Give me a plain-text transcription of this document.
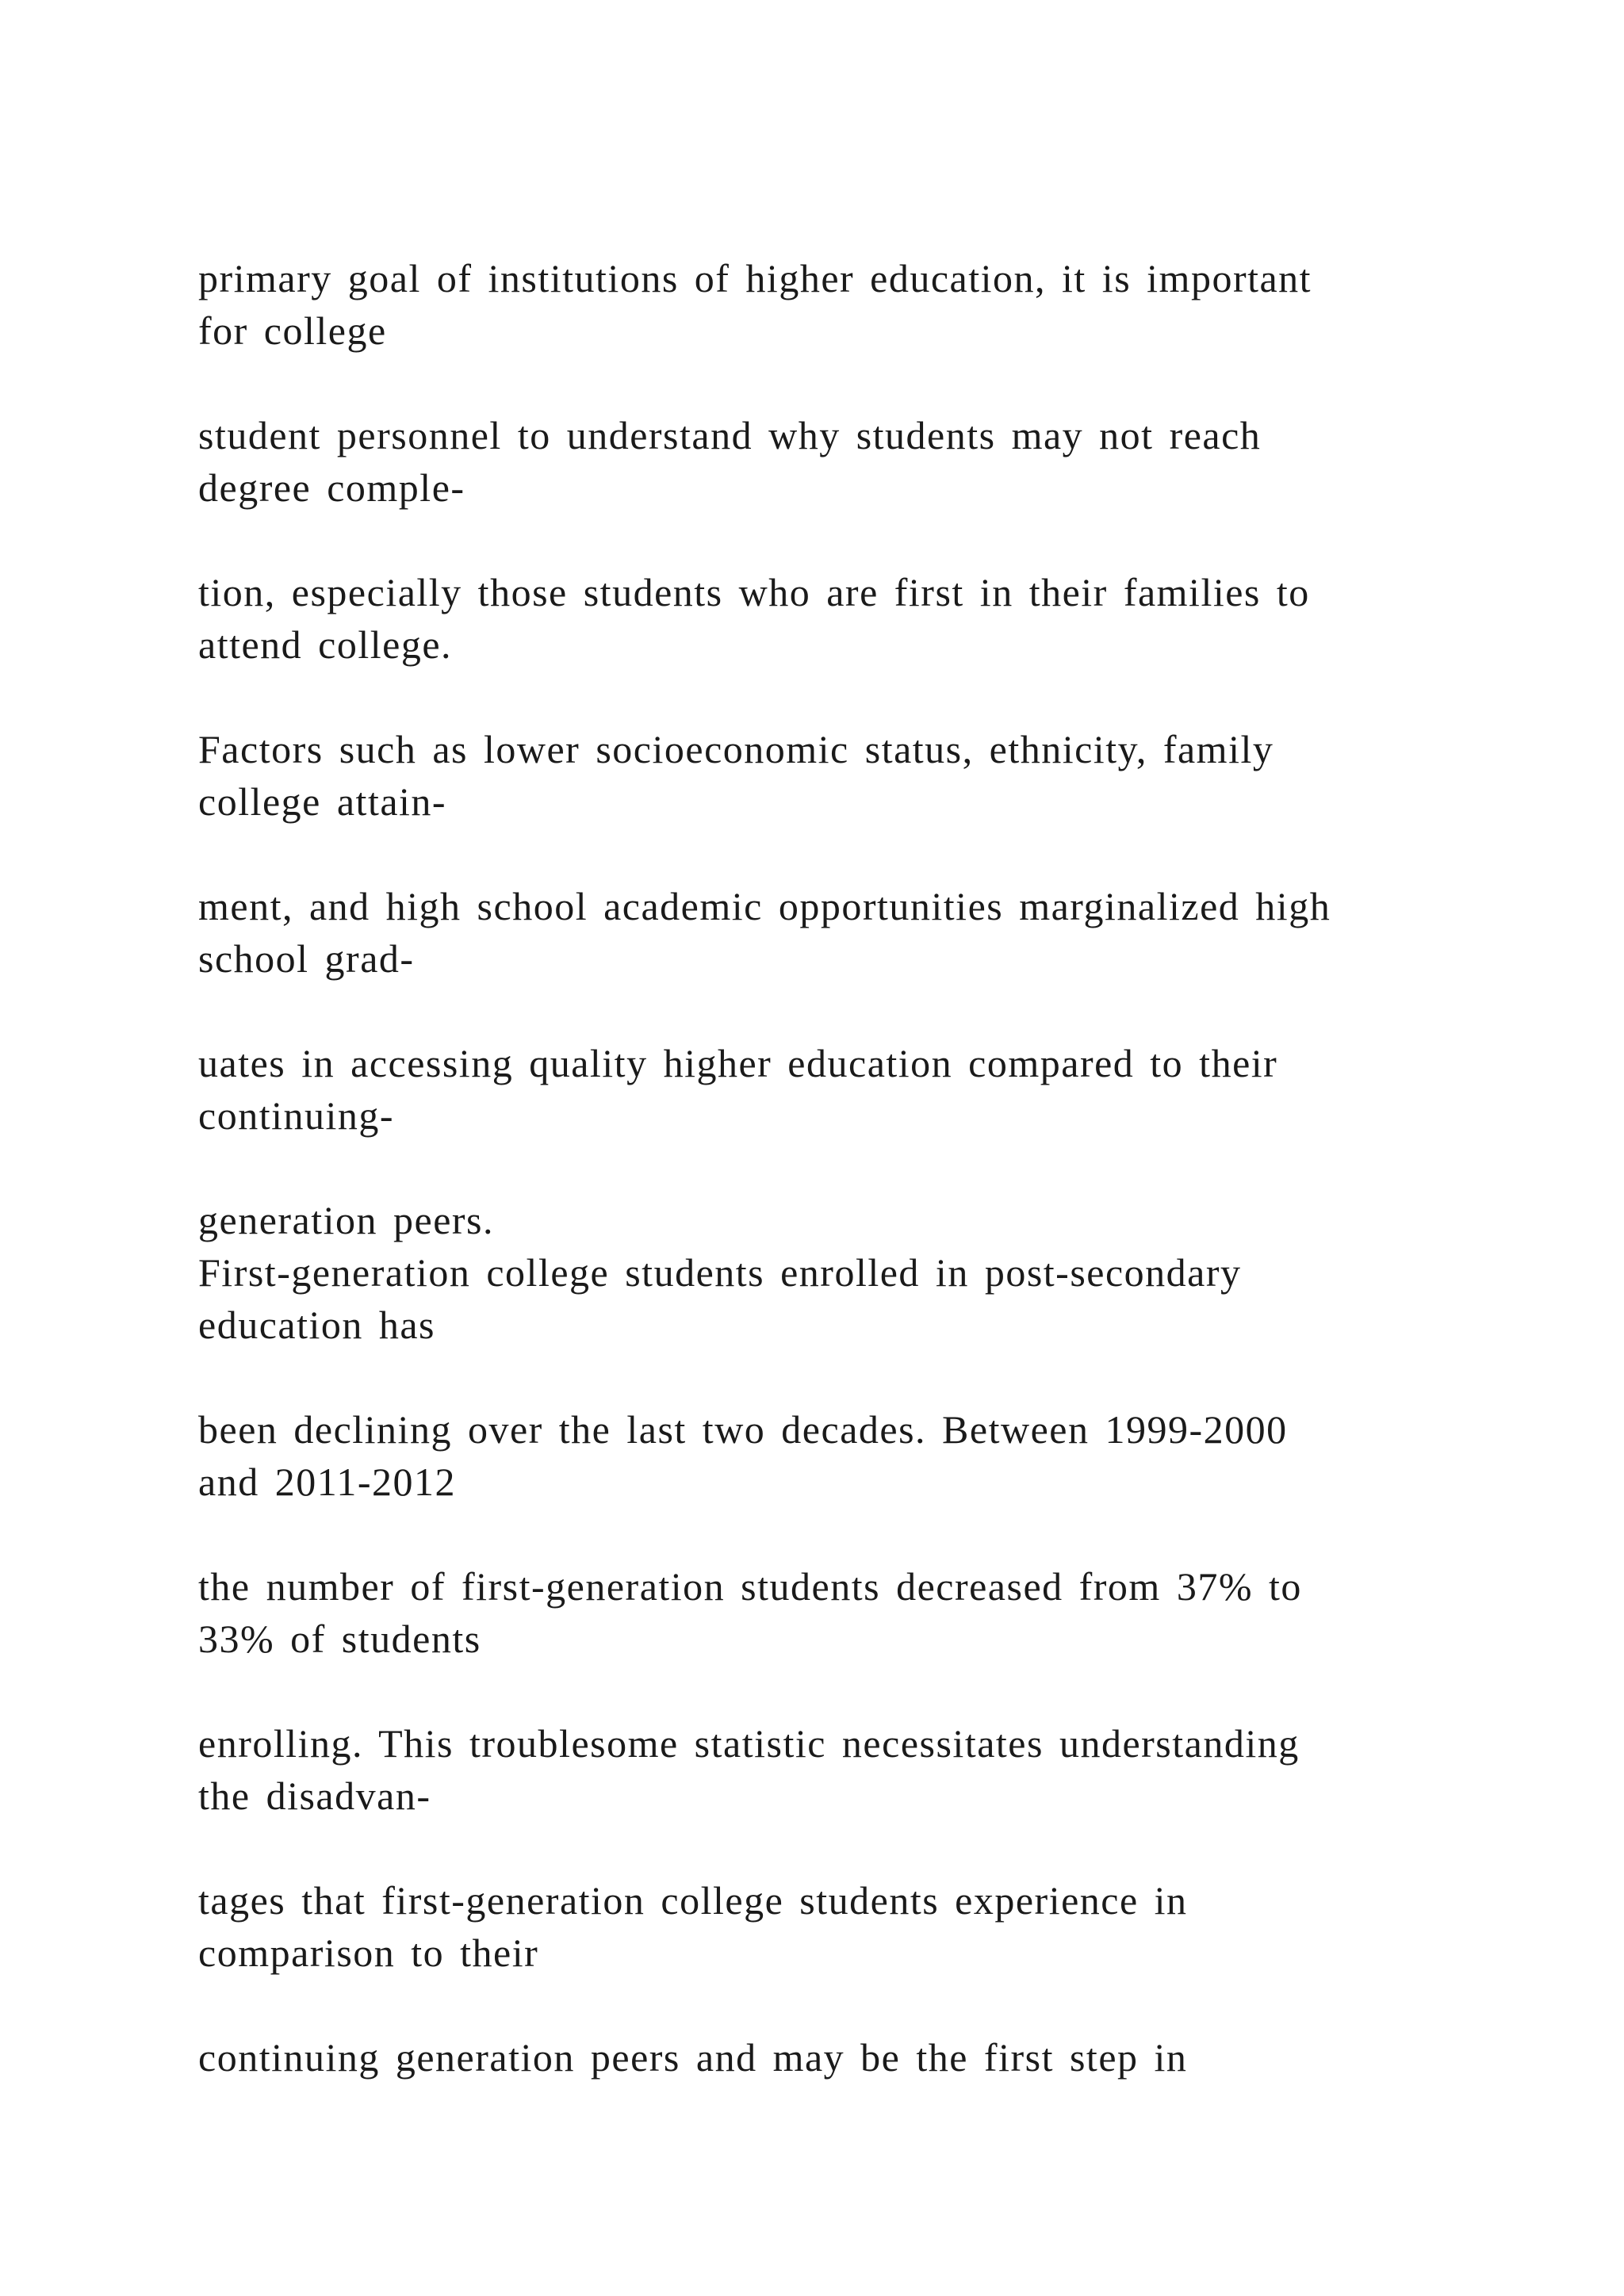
primary goal of institutions of higher education, it is important
for college
student personnel to understand why students may not reach
degree comple-
tion, especially those students who are first in their families to
attend college.
Factors such as lower socioeconomic status, ethnicity, family
college attain-
ment, and high school academic opportunities marginalized high
school grad-
uates in accessing quality higher education compared to their
continuing-
generation peers.
First-generation college students enrolled in post-secondary
education has
been declining over the last two decades. Between 1999-2000
and 2011-2012
the number of first-generation students decreased from 37% to
33% of students
enrolling. This troublesome statistic necessitates understanding
the disadvan-
tages that first-generation college students experience in
comparison to their
continuing generation peers and may be the first step in
